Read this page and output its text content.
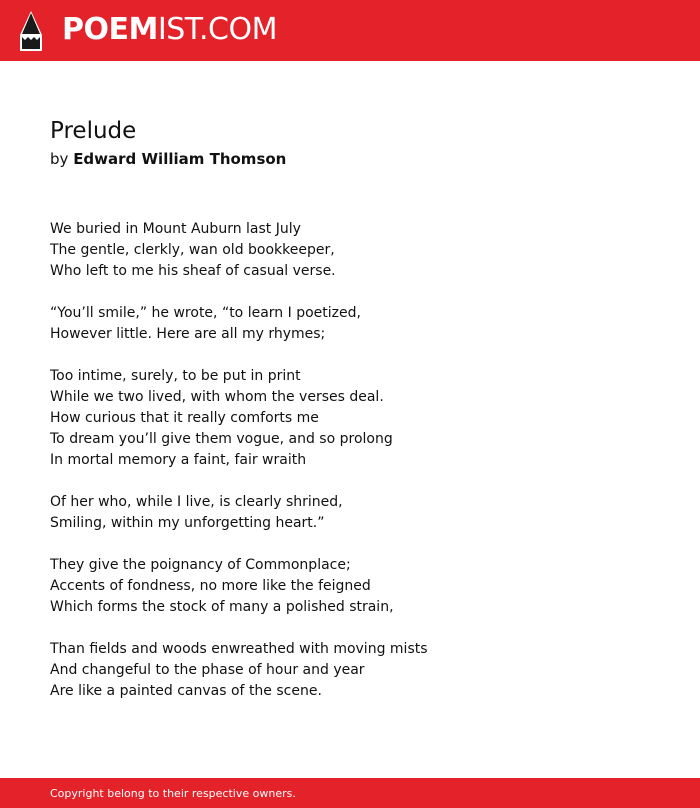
POEMIST.COM
Prelude
by Edward William Thomson
We buried in Mount Auburn last July
The gentle, clerkly, wan old bookkeeper,
Who left to me his sheaf of casual verse.
“You’ll smile,” he wrote, “to learn I poetized,
However little. Here are all my rhymes;
Too intime, surely, to be put in print
While we two lived, with whom the verses deal.
How curious that it really comforts me
To dream you’ll give them vogue, and so prolong
In mortal memory a faint, fair wraith
Of her who, while I live, is clearly shrined,
Smiling, within my unforgetting heart.”
They give the poignancy of Commonplace;
Accents of fondness, no more like the feigned
Which forms the stock of many a polished strain,
Than fields and woods enwreathed with moving mists
And changeful to the phase of hour and year
Are like a painted canvas of the scene.
Copyright belong to their respective owners.
